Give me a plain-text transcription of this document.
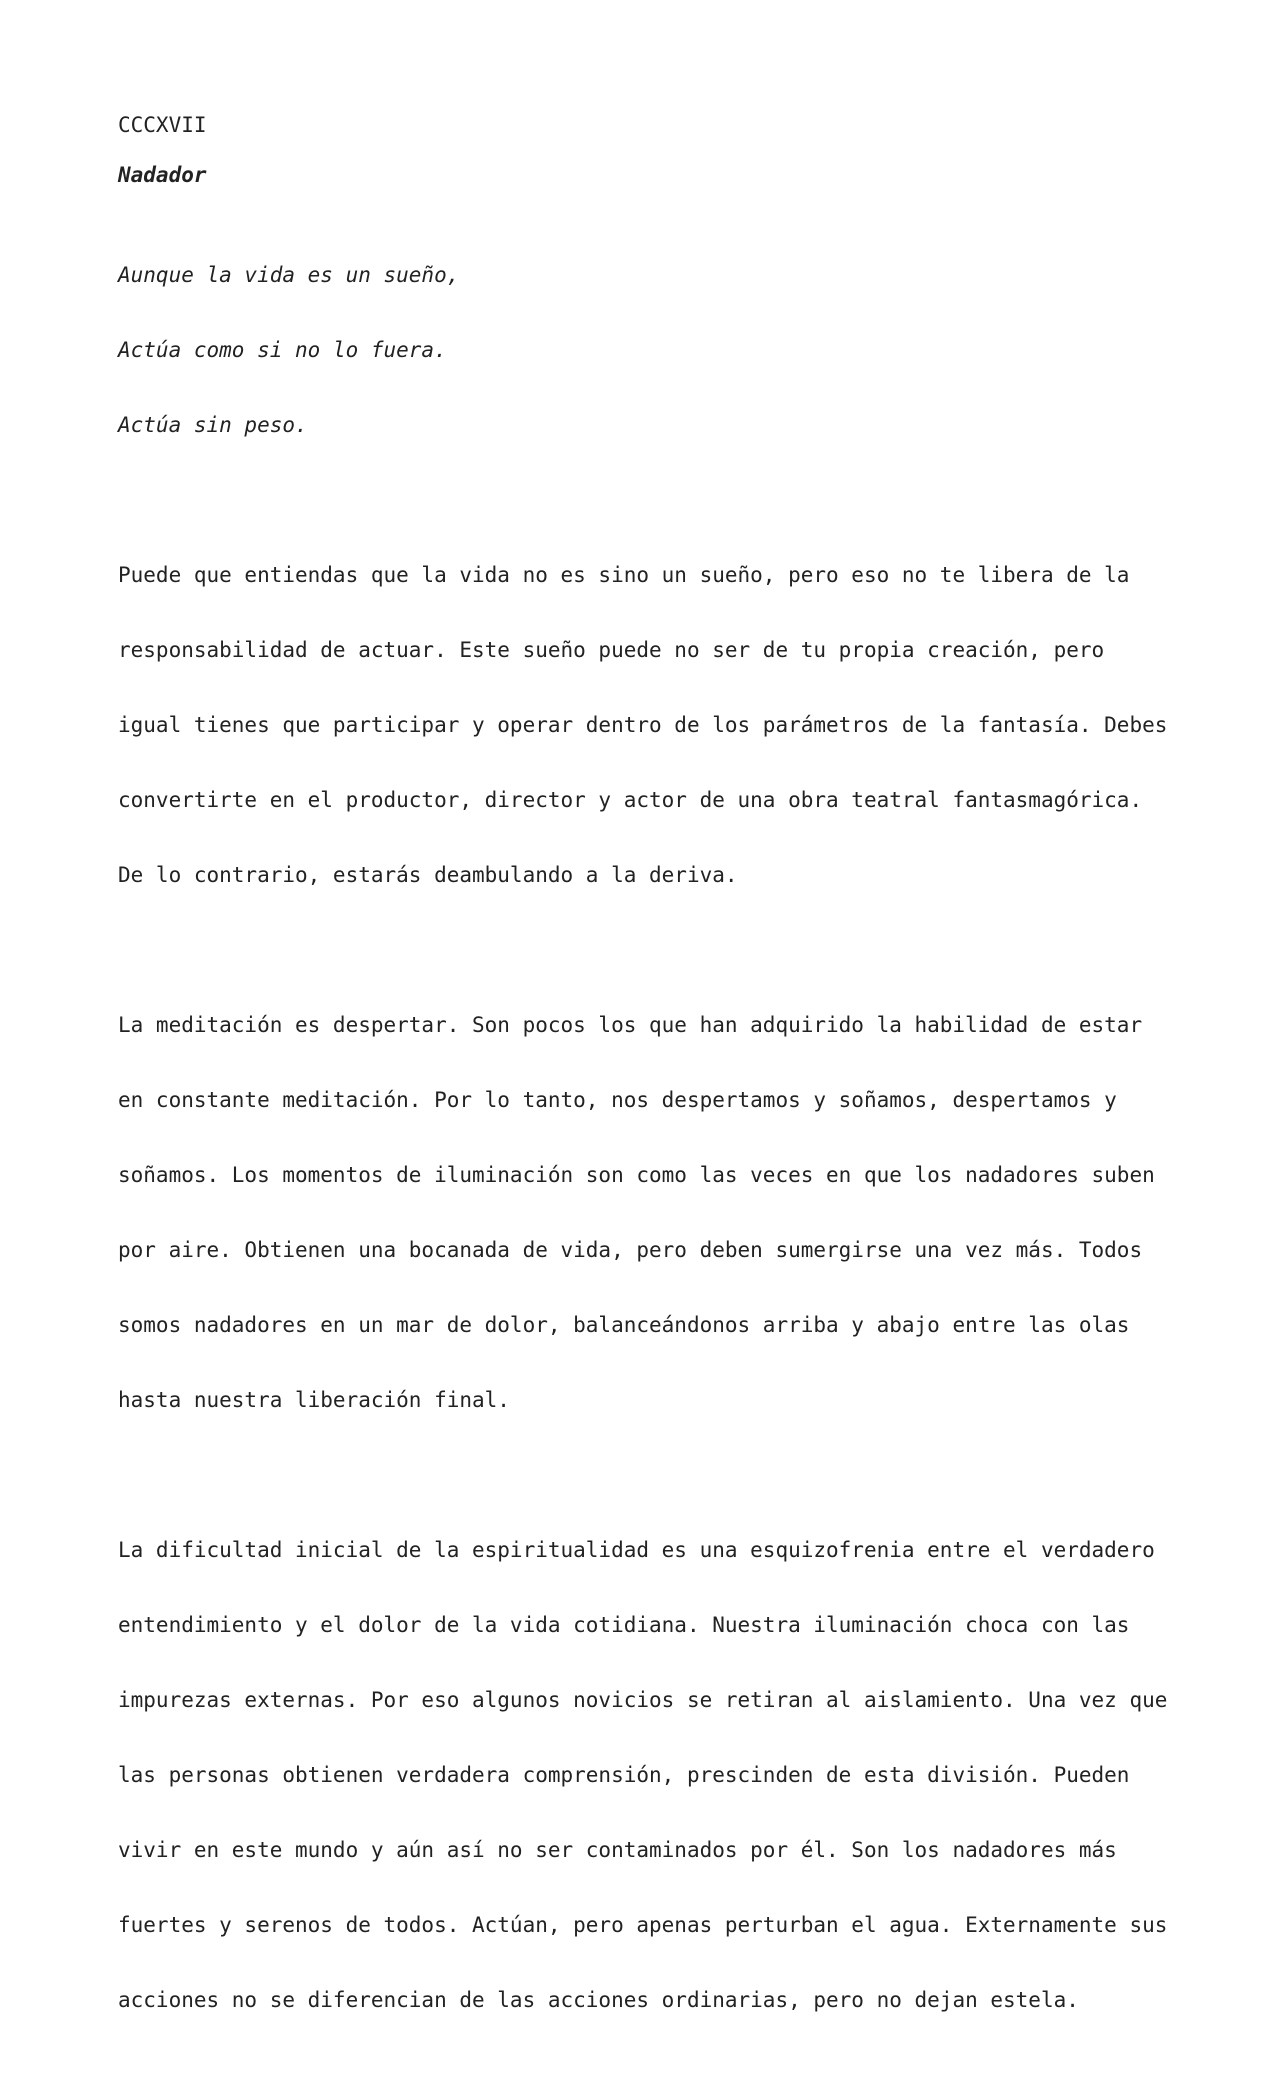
CCCXVII
Nadador

Aunque la vida es un sueño,

Actúa como si no lo fuera.

Actúa sin peso.

Puede que entiendas que la vida no es sino un sueño, pero eso no te libera de la

responsabilidad de actuar. Este sueño puede no ser de tu propia creación, pero

igual tienes que participar y operar dentro de los parámetros de la fantasía. Debes

convertirte en el productor, director y actor de una obra teatral fantasmagórica.

De lo contrario, estarás deambulando a la deriva.

La meditación es despertar. Son pocos los que han adquirido la habilidad de estar

en constante meditación. Por lo tanto, nos despertamos y soñamos, despertamos y

soñamos. Los momentos de iluminación son como las veces en que los nadadores suben

por aire. Obtienen una bocanada de vida, pero deben sumergirse una vez más. Todos

somos nadadores en un mar de dolor, balanceándonos arriba y abajo entre las olas

hasta nuestra liberación final.

La dificultad inicial de la espiritualidad es una esquizofrenia entre el verdadero

entendimiento y el dolor de la vida cotidiana. Nuestra iluminación choca con las

impurezas externas. Por eso algunos novicios se retiran al aislamiento. Una vez que

las personas obtienen verdadera comprensión, prescinden de esta división. Pueden

vivir en este mundo y aún así no ser contaminados por él. Son los nadadores más

fuertes y serenos de todos. Actúan, pero apenas perturban el agua. Externamente sus

acciones no se diferencian de las acciones ordinarias, pero no dejan estela.
